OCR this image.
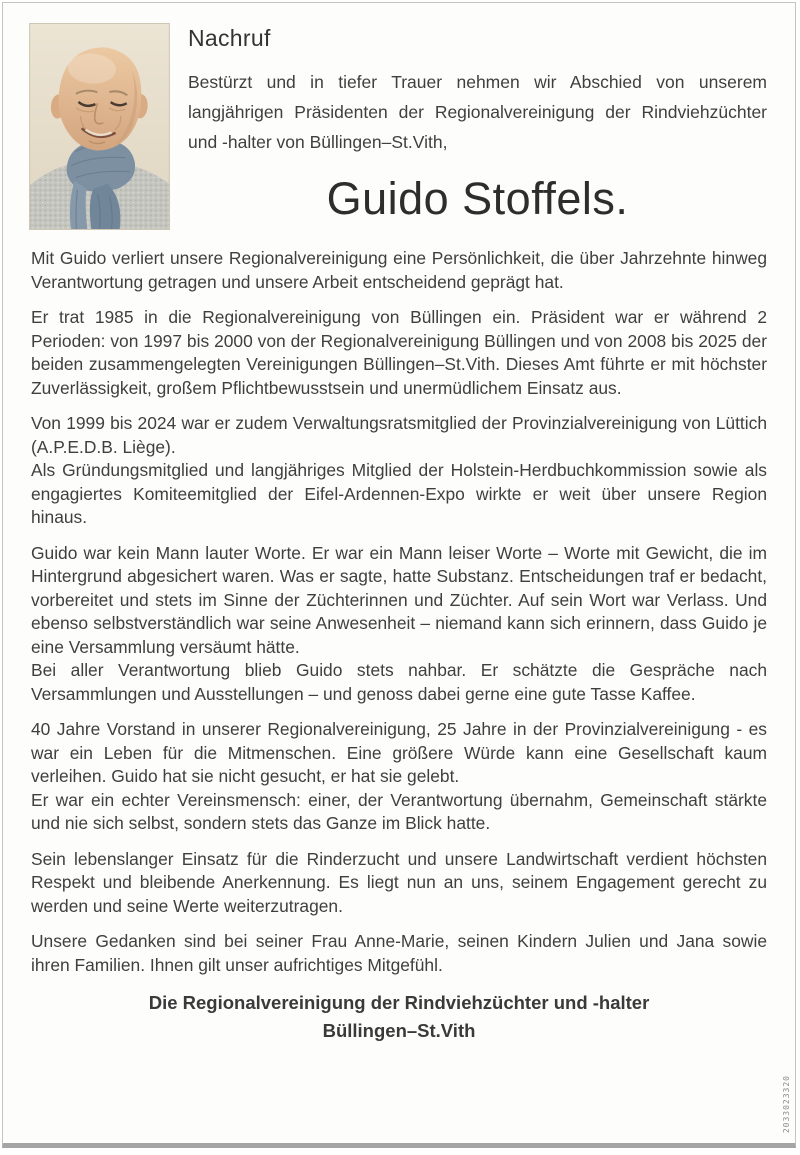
Nachruf

Bestürzt und in tiefer Trauer nehmen wir Abschied von unserem langjährigen Präsidenten der Regionalvereinigung der Rindviehzüchter und -halter von Büllingen–St.Vith,

Guido Stoffels.

Mit Guido verliert unsere Regionalvereinigung eine Persönlichkeit, die über Jahrzehnte hinweg Verantwortung getragen und unsere Arbeit entscheidend geprägt hat.

Er trat 1985 in die Regionalvereinigung von Büllingen ein. Präsident war er während 2 Perioden: von 1997 bis 2000 von der Regionalvereinigung Büllingen und von 2008 bis 2025 der beiden zusammengelegten Vereinigungen Büllingen–St.Vith. Dieses Amt führte er mit höchster Zuverlässigkeit, großem Pflichtbewusstsein und unermüdlichem Einsatz aus.

Von 1999 bis 2024 war er zudem Verwaltungsratsmitglied der Provinzialvereinigung von Lüttich (A.P.E.D.B. Liège).

Als Gründungsmitglied und langjähriges Mitglied der Holstein-Herdbuchkommission sowie als engagiertes Komiteemitglied der Eifel-Ardennen-Expo wirkte er weit über unsere Region hinaus.

Guido war kein Mann lauter Worte. Er war ein Mann leiser Worte – Worte mit Gewicht, die im Hintergrund abgesichert waren. Was er sagte, hatte Substanz. Entscheidungen traf er bedacht, vorbereitet und stets im Sinne der Züchterinnen und Züchter. Auf sein Wort war Verlass. Und ebenso selbstverständlich war seine Anwesenheit – niemand kann sich erinnern, dass Guido je eine Versammlung versäumt hätte.

Bei aller Verantwortung blieb Guido stets nahbar. Er schätzte die Gespräche nach Versammlungen und Ausstellungen – und genoss dabei gerne eine gute Tasse Kaffee.

40 Jahre Vorstand in unserer Regionalvereinigung, 25 Jahre in der Provinzialvereinigung - es war ein Leben für die Mitmenschen. Eine größere Würde kann eine Gesellschaft kaum verleihen. Guido hat sie nicht gesucht, er hat sie gelebt.

Er war ein echter Vereinsmensch: einer, der Verantwortung übernahm, Gemeinschaft stärkte und nie sich selbst, sondern stets das Ganze im Blick hatte.

Sein lebenslanger Einsatz für die Rinderzucht und unsere Landwirtschaft verdient höchsten Respekt und bleibende Anerkennung. Es liegt nun an uns, seinem Engagement gerecht zu werden und seine Werte weiterzutragen.

Unsere Gedanken sind bei seiner Frau Anne-Marie, seinen Kindern Julien und Jana sowie ihren Familien. Ihnen gilt unser aufrichtiges Mitgefühl.

Die Regionalvereinigung der Rindviehzüchter und -halter
Büllingen–St.Vith
2033023320
